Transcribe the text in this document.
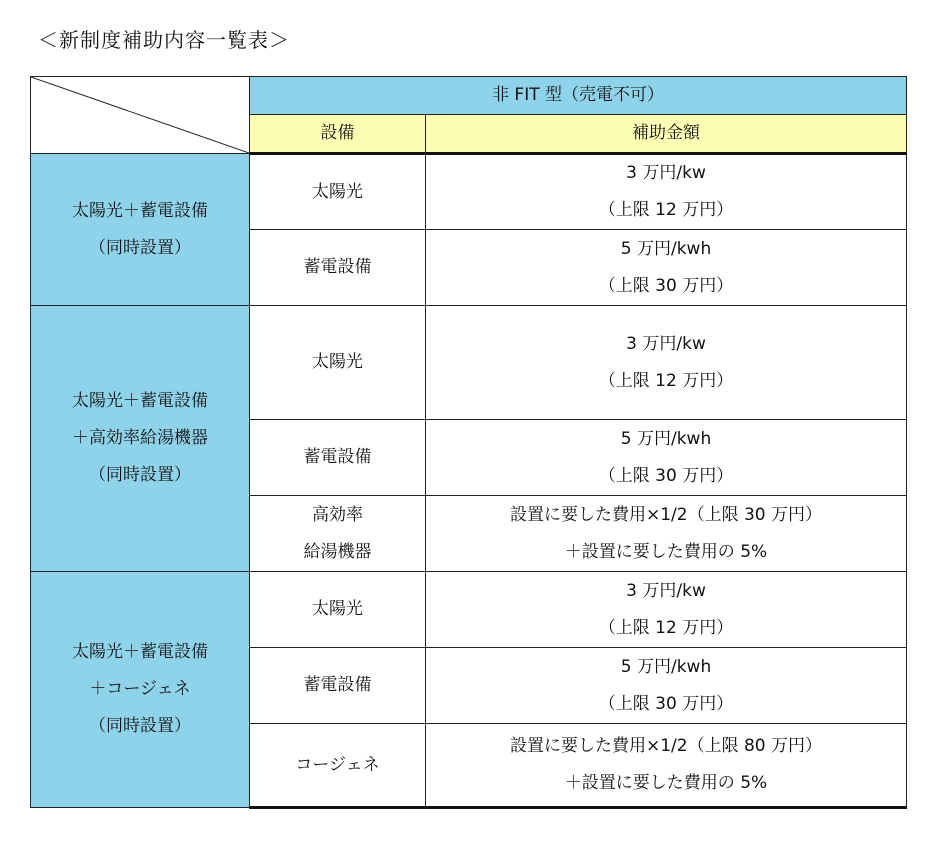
＜新制度補助内容一覧表＞
	非 FIT 型（売電不可）	
	設備	補助金額

太陽光＋蓄電設備
（同時設置）	太陽光	3 万円/kw
（上限 12 万円）

	蓄電設備	5 万円/kwh
（上限 30 万円）

太陽光＋蓄電設備
＋高効率給湯機器
（同時設置）	太陽光	3 万円/kw
（上限 12 万円）

	蓄電設備	5 万円/kwh
（上限 30 万円）

	高効率
給湯機器	設置に要した費用×1/2（上限 30 万円）
＋設置に要した費用の 5%

太陽光＋蓄電設備
＋コージェネ
（同時設置）	太陽光	3 万円/kw
（上限 12 万円）

	蓄電設備	5 万円/kwh
（上限 30 万円）

	コージェネ	設置に要した費用×1/2（上限 80 万円）
＋設置に要した費用の 5%
